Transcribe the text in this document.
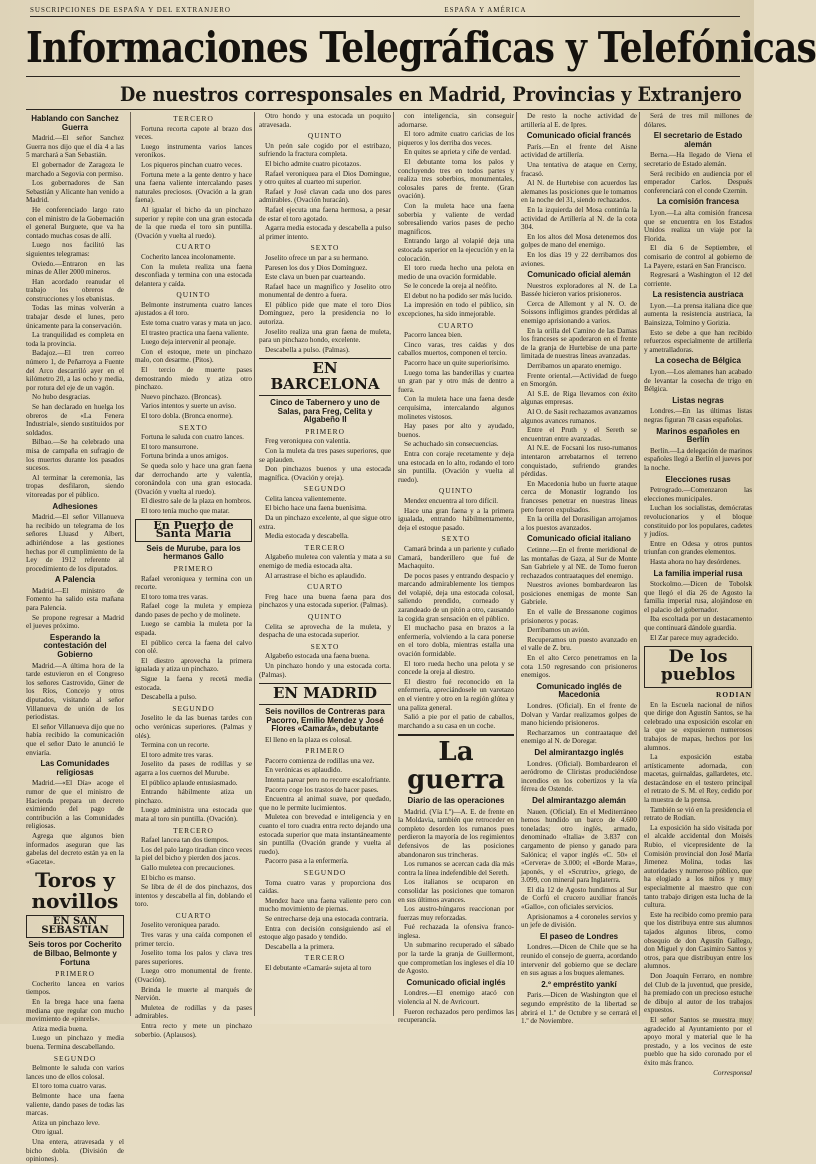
SUSCRIPCIONES DE ESPAÑA Y DEL EXTRANJERO	ESPAÑA Y AMÉRICA
Informaciones Telegráficas y Telefónicas
De nuestros corresponsales en Madrid, Provincias y Extranjero
Hablando con Sanchez Guerra

Madrid.—El señor Sanchez Guerra nos dijo que el día 4 a las 5 marchará a San Sebastián.

El gobernador de Zaragoza le marchado a Segovia con permiso.

Los gobernadores de San Sebastián y Alicante han venido a Madrid.

He conferenciado largo rato con el ministro de la Gobernación el general Burguete, que va ha contado muchas cosas de allí.

Luego nos facilitó las siguientes telegramas:

Oviedo.—Entraron en las minas de Aller 2000 mineros.

Han acordado reanudar el trabajo los obreros de construcciones y los ebanistas.

Todas las minas volverán a trabajar desde el lunes, pero únicamente para la conservación.

La tranquilidad es completa en toda la provincia.

Badajoz.—El tren correo número 1, de Peñarroya a Fuente del Arco descarriló ayer en el kilómetro 20, a las ocho y media, por rotura del eje de un vagón.

No hubo desgracias.

Se han declarado en huelga los obreros de «La Fenera Industrial», siendo sustituidos por soldados.

Bilbao.—Se ha celebrado una misa de campaña en sufragio de los muertos durante los pasados sucesos.

Al terminar la ceremonia, las tropas desfilaron, siendo vitoreadas por el público.

Adhesiones

Madrid.—El señor Villanueva ha recibido un telegrama de los señores Lluasd y Albert, adhiriéndose a las gestiones hechas por él cumplimiento de la Ley de 1912 referente al procedimiento de los diputados.

A Palencia

Madrid.—El ministro de Fomento ha salido esta mañana para Palencia.

Se propone regresar a Madrid el jueves próximo.

Esperando la contestación del Gobierno

Madrid.—A última hora de la tarde estuvieron en el Congreso los señores Castrovido, Giner de los Ríos, Concejo y otros diputados, visitando al señor Villanueva de unión de los periodistas.

El señor Villanueva dijo que no había recibido la comunicación que el señor Dato le anunció le enviaría.

Las Comunidades religiosas

Madrid.—«El Día» acoge el rumor de que el ministro de Hacienda prepara un decreto eximiendo del pago de contribución a las Comunidades religiosas.

Agrega que algunos bien informados aseguran que las gabelas del decreto están ya en la «Gaceta».

Toros y novillos
EN SAN SEBASTIAN
Seis toros por Cocherito de Bilbao, Belmonte y Fortuna
PRIMERO

Cocherito lancea en varios tiempos.

En la brega hace una faena mediana que regular con mucho movimiento de «pinrels».

Atiza media buena.

Luego un pinchazo y media buena. Termina descabellando.

SEGUNDO

Belmonte le saluda con varios lances uno de ellos colosal.

El toro toma cuatro varas.

Belmonte hace una faena valiente, dando pases de todas las marcas.

Atiza un pinchazo leve.

Otro igual.

Una entera, atravesada y el bicho dobla. (División de opiniones).

TERCERO

Fortuna recorta capote al brazo dos veces.

Luego instrumenta varios lances veroníkos.

Los piqueros pinchan cuatro veces.

Fortuna mete a la gente dentro y hace una faena valiente intercalando pases naturales preciosos. (Ovación a la gran faena).

Al igualar el bicho da un pinchazo superior y repite con una gran estocada de la que rueda el toro sin puntilla. (Ovación y vuelta al ruedo).

CUARTO

Cocherito lancea incolonamente.

Con la muleta realiza una faena desconfiada y termina con una estocada delantera y caída.

QUINTO

Belmonte instrumenta cuatro lances ajustados a él toro.

Este toma cuatro varas y mata un jaco.

El trasteo practica una faena valiente.

Luego deja intervenir al peonaje.

Con el estoque, mete un pinchazo malo, con desarme. (Pitos).

El tercio de muerte pases demostrando miedo y atiza otro pinchazo.

Nuevo pinchazo. (Broncas).

Varios intentos y suerte un aviso.

El toro dobla. (Bronca enorme).

SEXTO

Fortuna le saluda con cuatro lances.

El toro mansurrone.

Fortuna brinda a unos amigos.

Se queda solo y hace una gran faena dar derrochando arte y valentía, coronándola con una gran estocada. (Ovación y vuelta al ruedo).

El diestro sale de la plaza en hombros.

El toro tenía mucho que matar.

En Puerto de Santa María
Seis de Murube, para los hermanos Gallo
PRIMERO

Rafael veroniquea y termina con un recorte.

El toro toma tres varas.

Rafael coge la muleta y empieza dando pases de pecho y de molinete.

Luego se cambia la muleta por la espada.

El público cerca la faena del calvo con olé.

El diestro aprovecha la primera igualada y atiza un pinchazo.

Sigue la faena y recetá media estocada.

Descabella a pulso.

SEGUNDO

Joselito le da las buenas tardes con ocho verónicas superiores. (Palmas y olés).

Termina con un recorte.

El toro admite tres varas.

Joselito da pases de rodillas y se agarra a los cuernos del Murube.

El público aplaude entusiasmado.

Entrando hábilmente atiza un pinchazo.

Luego administra una estocada que mata al toro sin puntilla. (Ovación).

TERCERO

Rafael lancea tan dos tiempos.

Los del palo largo tiradian cinco veces la piel del bicho y pierden dos jacos.

Gallo muletea con precauciones.

El bicho es manso.

Se libra de él de dos pinchazos, dos intentos y descabella al fin, doblando el toro.

CUARTO

Joselito veroniquea parado.

Tres varas y una caída componen el primer tercio.

Joselito toma los palos y clava tres pares superiores.

Luego otro monumental de frente. (Ovación).

Brinda le muerte al marqués de Nervión.

Muletea de rodillas y da pases admirables.

Entra recto y mete un pinchazo soberbio. (Aplausos).

Otro hondo y una estocada un poquito atravesada.

QUINTO

Un peón sale cogido por el estribazo, sufriendo la fractura completa.

El bicho admite cuatro picotazos.

Rafael veroniquea para el Dios Domingue, y otro quites al cuarteo mi superior.

Rafael y José clavan cada uno dos pares admirables. (Ovación huracán).

Rafael ejecuta una faena hermosa, a pesar de estar el toro agotado.

Agarra media estocada y descabella a pulso al primer intento.

SEXTO

Joselito ofrece un par a su hermano.

Paresen los dos y Dios Domínguez.

Este clava un buen par cuarteando.

Rafael hace un magnífico y Joselito otro monumental de dentro a fuera.

El público pide que mate el toro Dios Domínguez, pero la presidencia no lo autoriza.

Joselito realiza una gran faena de muleta, para un pinchazo hondo, excelente.

Descabella a pulso. (Palmas).

EN BARCELONA
Cinco de Tabernero y uno de Salas, para Freg, Celita y Algabeño II
PRIMERO

Freg veroniquea con valentía.

Con la muleta da tres pases superiores, que se aplauden.

Don pinchazos buenos y una estocada magnífica. (Ovación y oreja).

SEGUNDO

Celita lancea valientemente.

El bicho hace una faena buenísima.

Da un pinchazo excelente, al que sigue otro extra.

Media estocada y descabella.

TERCERO

Algabeño muletea con valentía y mata a su enemigo de media estocada alta.

Al arrastrase el bicho es aplaudido.

CUARTO

Freg hace una buena faena para dos pinchazos y una estocada superior. (Palmas).

QUINTO

Celita se aprovecha de la muleta, y despacha de una estocada superior.

SEXTO

Algabeño estocada una faena buena.

Un pinchazo hondo y una estocada corta. (Palmas).

EN MADRID
Seis novillos de Contreras para Pacorro, Emilio Mendez y José Flores «Camará», debutante

El lleno en la plaza es colosal.

PRIMERO

Pacorro comienza de rodillas una vez.

En verónicas es aplaudido.

Intenta parear pero no recorre escalofriante.

Pacorro coge los trastos de hacer pases.

Encuentra al animal suave, por quedado, que no le permite lucimientos.

Muletea con brevedad e inteligencia y en cuanto el toro cuadra entra recto dejando una estocada superior que mata instantáneamente sin puntilla (Ovación grande y vuelta al ruedo).

Pacorro pasa a la enfermería.

SEGUNDO

Toma cuatro varas y proporciona dos caídas.

Mendez hace una faena valiente pero con mucho movimiento de piernas.

Se entrecharse deja una estocada contraria.

Entra con decisión consiguiendo así el estoque algo pasado y tendido.

Descabella a la primera.

TERCERO

El debutante «Camará» sujeta al toro

con inteligencia, sin conseguir adornarse.

El toro admite cuatro caricias de los piqueros y los derriba dos veces.

En quites se aprieta y ciñe de verdad.

El debutante toma los palos y concluyendo tres en todos partes y realiza tres soberbios, monumentales, colosales pares de frente. (Gran ovación).

Con la muleta hace una faena soberbia y valiente de verdad sobresaliendo varios pases de pecho magnificos.

Entrando largo al volapié deja una estocada superior en la ejecución y en la colocación.

El toro rueda hecho una pelota en medio de una ovación formidable.

Se le concede la oreja al neófito.

El debut no ha podido ser más lucido.

La impresión en todo el público, sin excepciones, ha sido inmejorable.

CUARTO

Pacorro lancea bien.

Cinco varas, tres caídas y dos caballos muertos, componen el tercio.

Pacorro hace un quite superiorísimo.

Luego toma las banderillas y cuartea un gran par y otro más de dentro a fuera.

Con la muleta hace una faena desde cerquísima, intercalando algunos molinetes vistosos.

Hay pases por alto y ayudado, buenos.

Se achuchado sin consecuencias.

Entra con coraje recetamente y deja una estocada en lo alto, rodando el toro sin puntilla. (Ovación y vuelta al ruedo).

QUINTO

Mendez encuentra al toro difícil.

Hace una gran faena y a la primera igualada, entrando hábilmentamente, deja el estoque pasado.

SEXTO

Camará brinda a un pariente y cuñado Camará, banderillero que fué de Machaquito.

De pocos pases y entrando despacio y marcando admirablemente los tiempos del volapié, deja una estocada colosal, saliendo prendido, corneado y zarandeado de un pitón a otro, causando la cogida gran sensación en el público.

El muchacho pasa en brazos a la enfermería, volviendo a la cara ponerse en el toro dobla, mientras estalla una ovación formidable.

El toro rueda hecho una pelota y se concede la oreja al diestro.

El diestro fué reconocido en la enfermería, apreciándosele un varetazo en el vientre y otro en la región glútea y una paliza general.

Salió a pie por el patio de caballos, marchando a su casa en un coche.

La guerra
Diario de las operaciones

Madrid. (Vía I.º)—A. E. de frente en la Moldavia, también que retroceder en completo desorden los rumanos pues perdieron la mayoría de los regimientos defensivos de las posiciones abandonaron sus trincheras.

Los rumanos se acercan cada día más contra la línea indefendible del Sereth.

Los italianos se ocuparon en consolidar las posiciones que tomaron en sus últimos avances.

Los austro-húngaros reaccionan por fuerzas muy reforzadas.

Fué rechazada la ofensiva franco-inglesa.

Un submarino recuperado el sábado por la tarde la granja de Guillermont, que comprometían los ingleses el día 10 de Agosto.

Comunicado oficial inglés

Londres.—El enemigo atacó con violencia al N. de Avricourt.

Fueron rechazados pero perdimos las recuperancía.

De resto la noche actividad de artillería al E. de Ipres.

Comunicado oficial francés

París.—En el frente del Aisne actividad de artillería.

Una tentativa de ataque en Cerny, fracasó.

Al N. de Hurtebise con acuerdos las alemanes las posiciones que le tomamos en la noche del 31, siendo rechazados.

En la izquierda del Mosa continúa la actividad de Artillería al N. de la cota 304.

En los altos del Mosa detenemos dos golpes de mano del enemigo.

En los días 19 y 22 derribamos dos aviones.

Comunicado oficial alemán

Nuestros exploradores al N. de La Bassée hicieron varios prisioneros.

Cerca de Allemont y al N. O. de Soissons infligimos grandes pérdidas al enemigo aprisionando a varios.

En la orilla del Camino de las Damas los franceses se apoderaron en el frente de la granja de Hurtebise de una parte limitada de nuestras líneas avanzadas.

Derribamos un aparato enemigo.

Frente oriental.—Actividad de fuego en Smorgón.

Al S.E. de Riga llevamos con éxito algunas empresas.

Al O. de Sasit rechazamos avanzamos algunos avances rumanos.

Entre el Pruth y el Sereth se encuentran entre avanzadas.

Al N.E. de Focsani los ruso-rumanos intentaron arrebatarnos el terreno conquistado, sufriendo grandes pérdidas.

En Macedonia hubo un fuerte ataque cerca de Monastir logrando los franceses penetrar en nuestras líneas pero fueron expulsados.

En la orilla del Dorasiligan arrojamos a los puestos avanzados.

Comunicado oficial italiano

Cetinne.—En el frente meridional de las montañas de Gaza, al Sur de Monte San Gabriele y al NE. de Tomo fueron rechazados contraataques del enemigo.

Nuestros aviones bombardearon las posiciones enemigas de monte San Gabriele.

En el valle de Bressanone cogimos prisioneros y pocas.

Derribamos un avión.

Recuperamos un puesto avanzado en el valle de Z. bru.

En el alto Cerco penetramos en la cota 1.50 regresando con prisioneros enemigos.

Comunicado inglés de Macedonia

Londres. (Oficial). En el frente de Dolvan y Vardar realizamos golpes de mano hiciendo prisioneros.

Recharzamos un contraataque del enemigo al N. de Doregar.

Del almirantazgo inglés

Londres. (Oficial). Bombardearon el aeródromo de Cliristas produciéndose incendios en los cobertizos y la vía férrea de Ostende.

Del almirantazgo alemán

Nauen. (Oficial). En el Mediterráneo hemos hundido un barco de 4.600 toneladas; otro inglés, armado, denominado «Italia» de 3.837 con cargamento de pienso y ganado para Salónica; el vapor inglés «C. 50» el «Cervera» de 3.000; el «Borde Mara», japonés, y el «Scrutrix», griego, de 3.099, con mineral para Inglaterra.

El día 12 de Agosto hundimos al Sur de Corfú el crucero auxiliar francés «Gallo», con oficiales servicios.

Aprisionamos a 4 coroneles servios y un jefe de división.

El paseo de Londres

Londres.—Dicen de Chile que se ha reunido el consejo de guerra, acordando intervenir del gobierno que se declare en sus aguas a los buques alemanes.

2.º empréstito yankí

Paris.—Dicen de Washington que el segundo empréstito de la libertad se abrirá el 1.º de Octubre y se cerrará el 1.º de Noviembre.

Será de tres mil millones de dólares.

El secretario de Estado alemán

Berna.—Ha llegado de Viena el secretario de Estado alemán.

Será recibido en audiencia por el emperador Carlos. Después conferenciará con el conde Czernin.

La comisión francesa

Lyon.—La alta comisión francesa que se encuentra en los Estados Unidos realiza un viaje por la Florida.

El día 6 de Septiembre, el comisario de control al gobierno de La Payere, estará en San Francisco.

Regresará a Washington el 12 del corriente.

La resistencia austriaca

Lyon.—La prensa italiana dice que aumenta la resistencia austriaca, la Bainsizza, Tolmino y Gorizia.

Esto se debe a que han recibido refuerzos especialmente de artillería y ametralladoras.

La cosecha de Bélgica

Lyon.—Los alemanes han acabado de levantar la cosecha de trigo en Bélgica.

Listas negras

Londres.—En las últimas listas negras figuran 78 casas españolas.

Marinos españoles en Berlín

Berlín.—La delegación de marinos españoles llegó a Berlín el jueves por la noche.

Elecciones rusas

Petrogrado.—Comenzaron las elecciones municipales.

Luchan los socialistas, demócratas revolucionarios y el bloque constituido por los populares, cadetes y judíos.

Entre en Odesa y otros puntos triunfan con grandes elementos.

Hasta ahora no hay desórdenes.

La familia imperial rusa

Stockolmo.—Dicen de Tobolsk que llegó el día 26 de Agosto la familia imperial rusa, alojándose en el palacio del gobernador.

Iba escoltada por un destacamento que continuará dándole guardia.

El Zar parece muy agradecido.

De los pueblos
RODIAN

En la Escuela nacional de niños que dirige don Agustín Santos, se ha celebrado una exposición escolar en la que se expusieron numerosos trabajos de mapas, hechos por los alumnos.

La exposición estaba artísticamente adornada, con macetas, guirnaldas, gallardetes, etc. destacándose en el testero principal el retrato de S. M. el Rey, cedido por la muestra de la prensa.

También se vió en la presidencia el retrato de Rodían.

La exposición ha sido visitada por el alcalde accidental don Moisés Rubio, el vicepresidente de la Comisión provincial don José María Jimenez Molina, todas las autoridades y numeroso público, que ha elogiado a los niños y muy especialmente al maestro que con tanto trabajo dirigen esta lucha de la cultura.

Este ha recibido como premio para que los distribuya entre sus alumnos tajados algunos libros, como obsequio de don Agustín Gallego, don Miguel y don Casimiro Santos y otros, para que distribuyan entre los alumnos.

Don Joaquín Ferraro, en nombre del Club de la juventud, que preside, ha premiado con un precioso estuche de dibujo al autor de los trabajos expuestos.

El señor Santos se muestra muy agradecido al Ayuntamiento por el apoyo moral y material que le ha prestado, y a los vecinos de este pueblo que ha sido coronado por el éxito más franco.

Corresponsal
